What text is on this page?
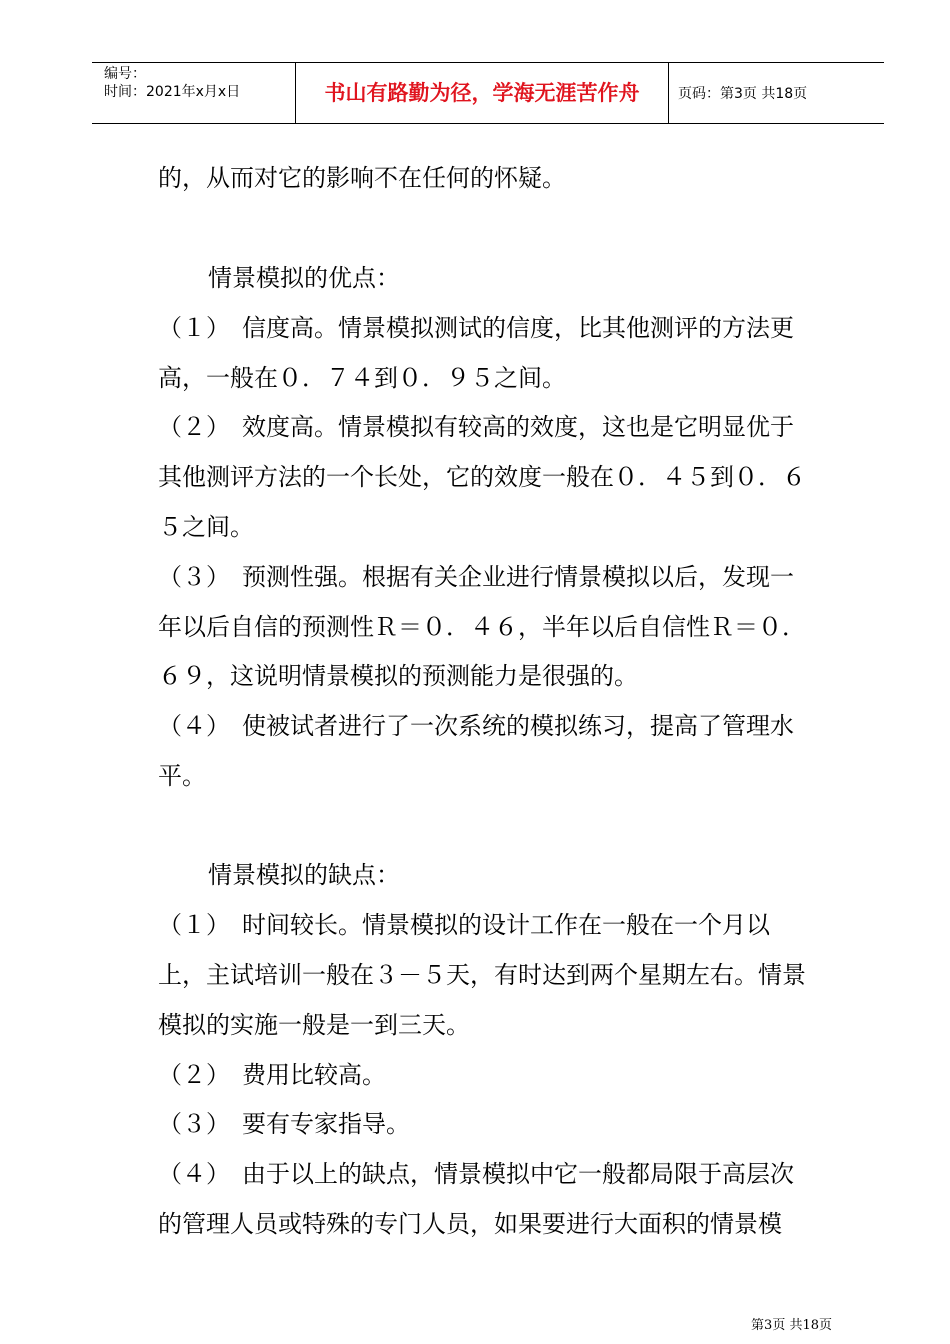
编号：
时间：2021年x月x日	书山有路勤为径，学海无涯苦作舟	页码：第3页 共18页
的，从而对它的影响不在任何的怀疑。
情景模拟的优点：
（１）　信度高。情景模拟测试的信度，比其他测评的方法更
高，一般在０．７４到０．９５之间。
（２）　效度高。情景模拟有较高的效度，这也是它明显优于
其他测评方法的一个长处，它的效度一般在０．４５到０．６
５之间。
（３）　预测性强。根据有关企业进行情景模拟以后，发现一
年以后自信的预测性Ｒ＝０．４６，半年以后自信性Ｒ＝０．
６９，这说明情景模拟的预测能力是很强的。
（４）　使被试者进行了一次系统的模拟练习，提高了管理水
平。
情景模拟的缺点：
（１）　时间较长。情景模拟的设计工作在一般在一个月以
上，主试培训一般在３－５天，有时达到两个星期左右。情景
模拟的实施一般是一到三天。
（２）　费用比较高。
（３）　要有专家指导。
（４）　由于以上的缺点，情景模拟中它一般都局限于高层次
的管理人员或特殊的专门人员，如果要进行大面积的情景模
第3页 共18页
